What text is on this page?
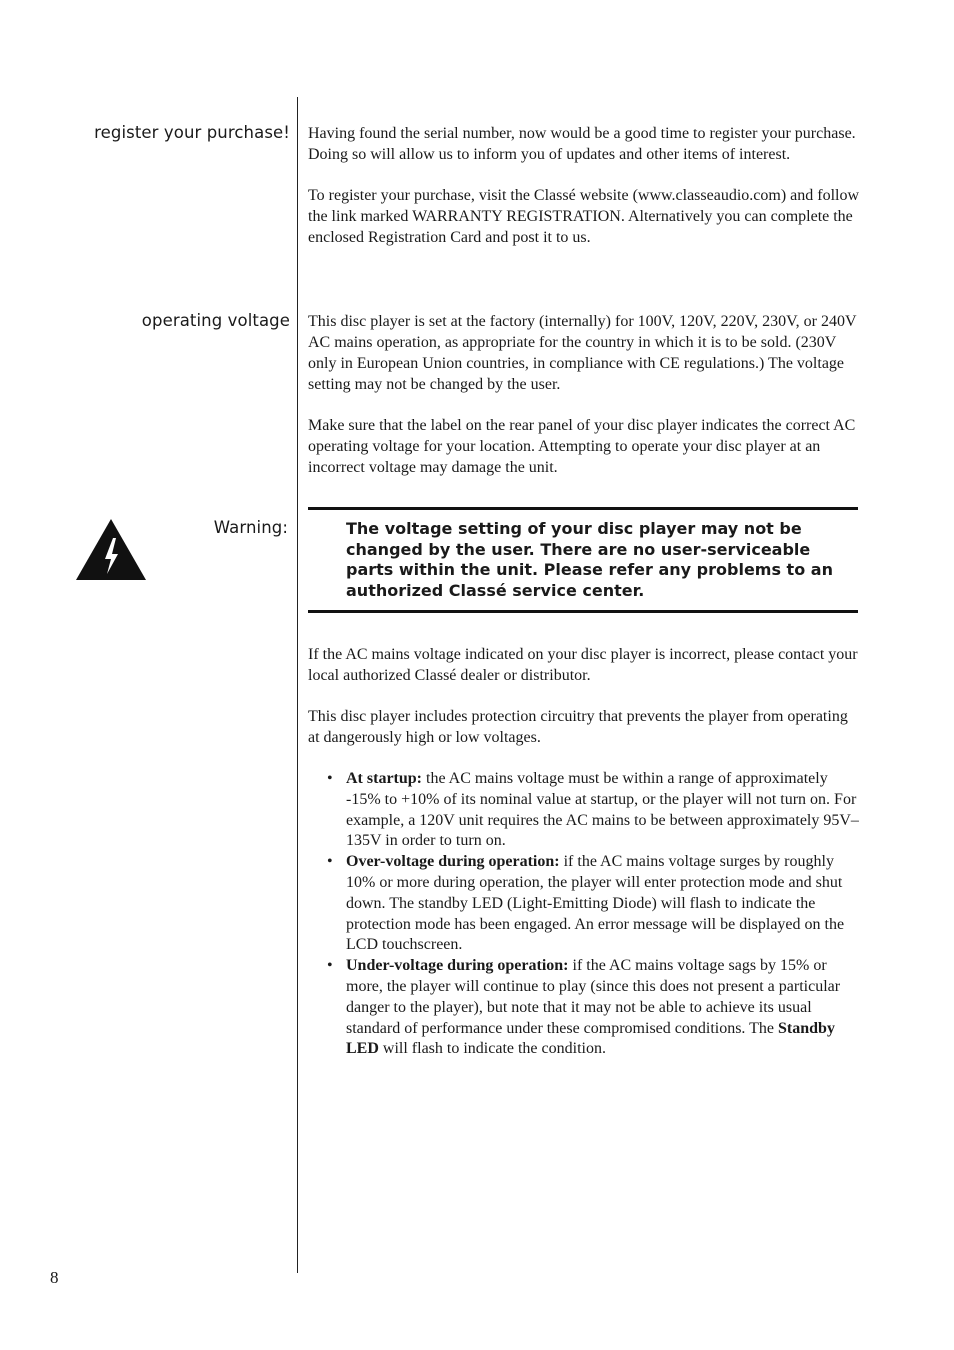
register your purchase! Having found the serial number, now would be a good time to register your purchase. Doing so will allow us to inform you of updates and other items of interest.

To register your purchase, visit the Classé website (www.classeaudio.com) and follow the link marked WARRANTY REGISTRATION. Alternatively you can complete the enclosed Registration Card and post it to us.

operating voltage This disc player is set at the factory (internally) for 100V, 120V, 220V, 230V, or 240V AC mains operation, as appropriate for the country in which it is to be sold. (230V only in European Union countries, in compliance with CE regulations.) The voltage setting may not be changed by the user.

Make sure that the label on the rear panel of your disc player indicates the correct AC operating voltage for your location. Attempting to operate your disc player at an incorrect voltage may damage the unit.

Warning:	The voltage setting of your disc player may not be changed by the user. There are no user-serviceable parts within the unit. Please refer any problems to an authorized Classé service center.

If the AC mains voltage indicated on your disc player is incorrect, please contact your local authorized Classé dealer or distributor.

This disc player includes protection circuitry that prevents the player from operating at dangerously high or low voltages.

• At startup: the AC mains voltage must be within a range of approximately -15% to +10% of its nominal value at startup, or the player will not turn on. For example, a 120V unit requires the AC mains to be between approximately 95V–135V in order to turn on.
• Over-voltage during operation: if the AC mains voltage surges by roughly 10% or more during operation, the player will enter protection mode and shut down. The standby LED (Light-Emitting Diode) will flash to indicate the protection mode has been engaged. An error message will be displayed on the LCD touchscreen.
• Under-voltage during operation: if the AC mains voltage sags by 15% or more, the player will continue to play (since this does not present a particular danger to the player), but note that it may not be able to achieve its usual standard of performance under these compromised conditions. The Standby LED will flash to indicate the condition.
8
